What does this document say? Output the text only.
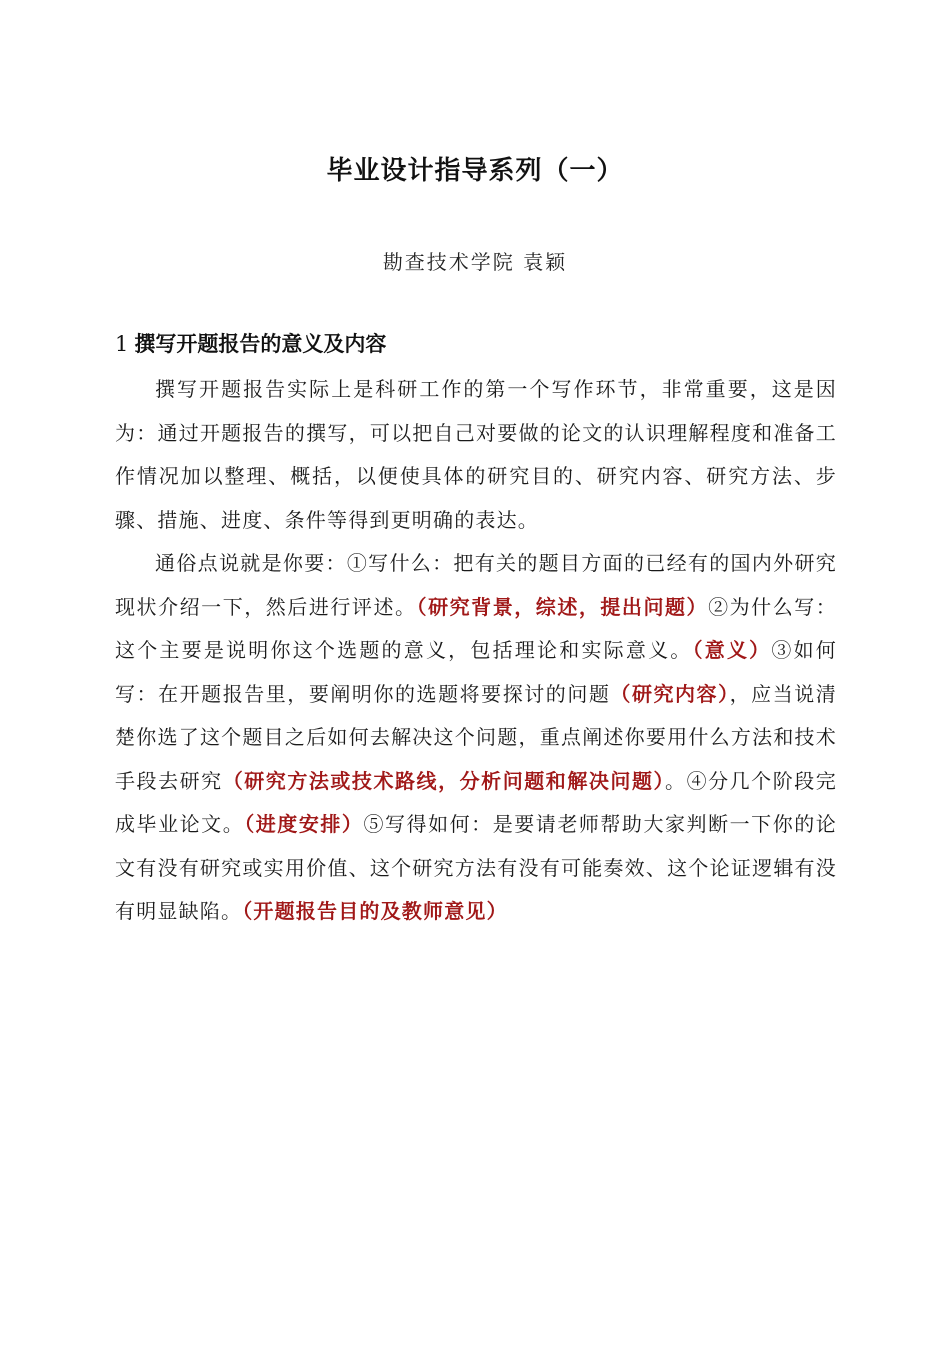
毕业设计指导系列（一）
勘查技术学院 袁颖
1 撰写开题报告的意义及内容

撰写开题报告实际上是科研工作的第一个写作环节，非常重要，这是因为：通过开题报告的撰写，可以把自己对要做的论文的认识理解程度和准备工作情况加以整理、概括，以便使具体的研究目的、研究内容、研究方法、步骤、措施、进度、条件等得到更明确的表达。

通俗点说就是你要：①写什么：把有关的题目方面的已经有的国内外研究现状介绍一下，然后进行评述。（研究背景，综述，提出问题）②为什么写：这个主要是说明你这个选题的意义，包括理论和实际意义。（意义）③如何写：在开题报告里，要阐明你的选题将要探讨的问题（研究内容），应当说清楚你选了这个题目之后如何去解决这个问题，重点阐述你要用什么方法和技术手段去研究（研究方法或技术路线，分析问题和解决问题）。④分几个阶段完成毕业论文。（进度安排）⑤写得如何：是要请老师帮助大家判断一下你的论文有没有研究或实用价值、这个研究方法有没有可能奏效、这个论证逻辑有没有明显缺陷。（开题报告目的及教师意见）
